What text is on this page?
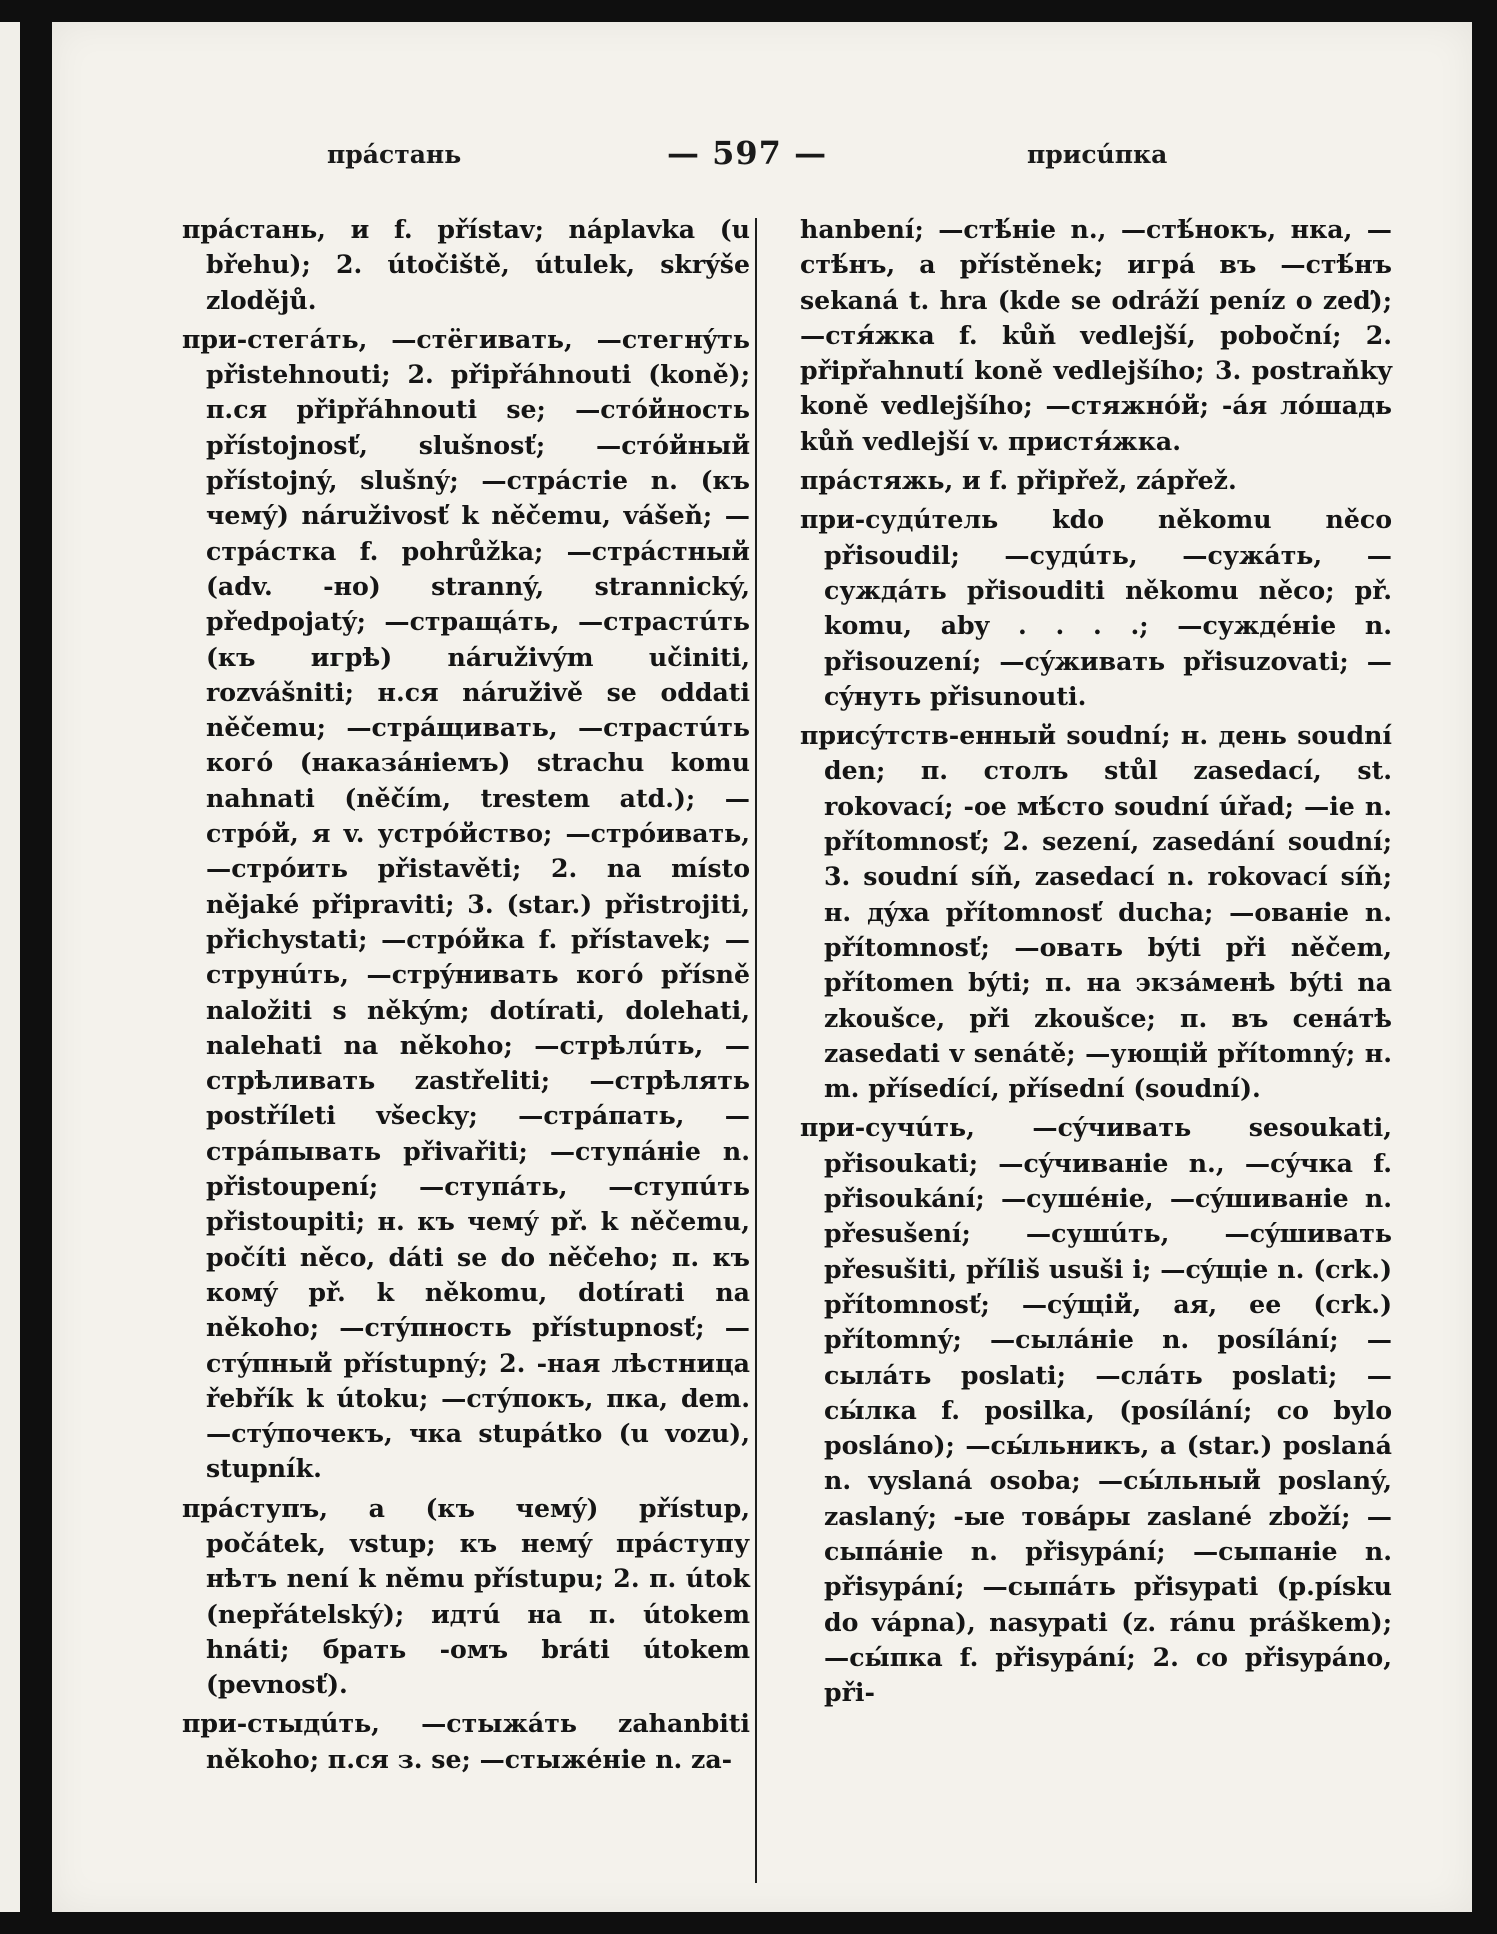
прáстань	— 597 —	присúпка

прáстань, и f. přístav; náplavka (u břehu); 2. útočiště, útulek, skrýše zlodějů.

при-стегáть, —стёгивать, —стегнýть přistehnouti; 2. připřáhnouti (koně); п.ся připřáhnouti se; —стóйность přístojnosť, slušnosť; —стóйный přístojný, slušný; —стрáстіе n. (къ чемý) náruživosť k něčemu, vášeň; —стрáстка f. pohrůžka; —стрáстный (adv. -но) stranný, strannický, předpojatý; —стращáть, —страстúть (къ игрѣ) náruživým učiniti, rozvášniti; н.ся náruživě se oddati něčemu; —стрáщивать, —страстúть когó (наказáніемъ) strachu komu nahnati (něčím, trestem atd.); —стрóй, я v. устрóйство; —стрóивать, —стрóить přistavěti; 2. na místo nějaké připraviti; 3. (star.) přistrojiti, přichystati; —стрóйка f. přístavek; —струнúть, —стрýнивать когó přísně naložiti s někým; dotírati, dolehati, nalehati na někoho; —стрѣлúть, —стрѣливать zastřeliti; —стрѣлять postříleti všecky; —стрáпать, —стрáпывать přivařiti; —ступáніе n. přistoupení; —ступáть, —ступúть přistoupiti; н. къ чемý př. k něčemu, počíti něco, dáti se do něčeho; п. къ комý př. k někomu, dotírati na někoho; —стýпность přístupnosť; —стýпный přístupný; 2. -ная лѣстница řebřík k útoku; —стýпокъ, пка, dem. —стýпочекъ, чка stupátko (u vozu), stupník.

прáступъ, а (къ чемý) přístup, počátek, vstup; къ немý прáступу нѣтъ není k němu přístupu; 2. п. útok (nepřátelský); идтú на п. útokem hnáti; брать -омъ bráti útokem (pevnosť).

при-стыдúть, —стыжáть zahanbiti někoho; п.ся з. se; —стыжéніе n. za-

hanbení; —стѣ́ніе n., —стѣ́нокъ, нка, —стѣ́нъ, а přístěnek; игрá въ —стѣ́нъ sekaná t. hra (kde se odráží peníz o zeď); —стя́жка f. kůň vedlejší, poboční; 2. připřahnutí koně vedlejšího; 3. postraňky koně vedlejšího; —стяжнóй; -áя лóшадь kůň vedlejší v. пристя́жка.

прáстяжь, и f. připřež, zápřež.

при-судúтель kdo někomu něco přisoudil; —судúть, —сужáть, —суждáть přisouditi někomu něco; př. komu, aby . . . .; —суждéніе n. přisouzení; —сýживать přisuzovati; —сýнуть přisunouti.

присýтств-енный soudní; н. день soudní den; п. столъ stůl zasedací, st. rokovací; -ое мѣ́сто soudní úřad; —іе n. přítomnosť; 2. sezení, zasedání soudní; 3. soudní síň, zasedací n. rokovací síň; н. дýха přítomnosť ducha; —ованіе n. přítomnosť; —овать býti při něčem, přítomen býti; п. на экзáменѣ býti na zkoušce, při zkoušce; п. въ сенáтѣ zasedati v senátě; —ующій přítomný; н. m. přísedící, přísední (soudní).

при-сучúть, —сýчивать sesoukati, přisoukati; —сýчиваніе n., —сýчка f. přisoukání; —сушéніе, —сýшиваніе n. přesušení; —сушúть, —сýшивать přesušiti, příliš usuši i; —сýщіе n. (crk.) přítomnosť; —сýщій, ая, ее (crk.) přítomný; —сылáніе n. posílání; —сылáть poslati; —слáть poslati; —сы́лка f. posilka, (posílání; co bylo posláno); —сы́льникъ, а (star.) poslaná n. vyslaná osoba; —сы́льный poslaný, zaslaný; -ые товáры zaslané zboží; —сыпáніе n. přisypání; —сыпаніе n. přisypání; —сыпáть přisypati (p.písku do vápna), nasypati (z. ránu práškem); —сы́пка f. přisypání; 2. co přisypáno, při-
